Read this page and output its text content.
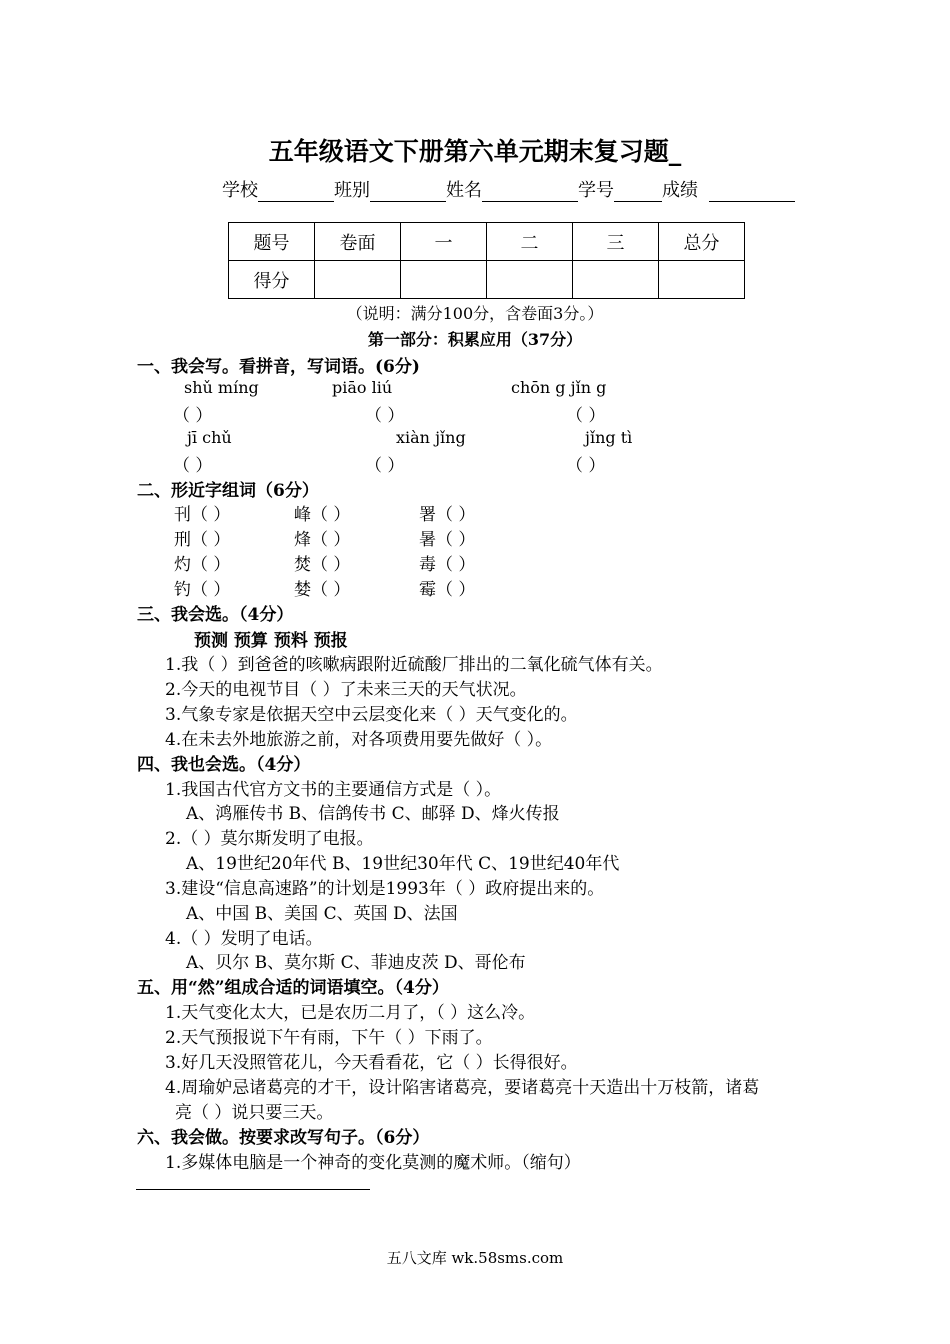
五年级语文下册第六单元期末复习题_
学校	班别	姓名	学号	成绩
题号	卷面	一	二	三	总分
得分					
（说明：满分100分，含卷面3分。）
第一部分：积累应用（37分）
一、我会写。看拼音，写词语。(6分)
shǔ míng	piāo liú	chōn g jǐn g
（ ）	（ ）	（ ）
jī chǔ	xiàn jǐng	jǐng tì
（ ）	（ ）	（ ）
二、形近字组词（6分）
刊（ ）	峰（ ）	署（ ）
刑（ ）	烽（ ）	暑（ ）
灼（ ）	焚（ ）	毒（ ）
钓（ ）	婪（ ）	霉（ ）
三、我会选。（4分）
预测 预算 预料 预报
1.我（ ）到爸爸的咳嗽病跟附近硫酸厂排出的二氧化硫气体有关。
2.今天的电视节目（ ）了未来三天的天气状况。
3.气象专家是依据天空中云层变化来（ ）天气变化的。
4.在未去外地旅游之前，对各项费用要先做好（ ）。
四、我也会选。（4分）
1.我国古代官方文书的主要通信方式是（ ）。
A、鸿雁传书 B、信鸽传书 C、邮驿 D、烽火传报
2.（ ）莫尔斯发明了电报。
A、19世纪20年代 B、19世纪30年代 C、19世纪40年代
3.建设“信息高速路”的计划是1993年（ ）政府提出来的。
A、中国 B、美国 C、英国 D、法国
4.（ ）发明了电话。
A、贝尔 B、莫尔斯 C、菲迪皮茨 D、哥伦布
五、用“然”组成合适的词语填空。（4分）
1.天气变化太大，已是农历二月了，（ ）这么冷。
2.天气预报说下午有雨，下午（ ）下雨了。
3.好几天没照管花儿，今天看看花，它（ ）长得很好。
4.周瑜妒忌诸葛亮的才干，设计陷害诸葛亮，要诸葛亮十天造出十万枝箭，诸葛
亮（ ）说只要三天。
六、我会做。按要求改写句子。（6分）
1.多媒体电脑是一个神奇的变化莫测的魔术师。（缩句）
五八文库 wk.58sms.com
